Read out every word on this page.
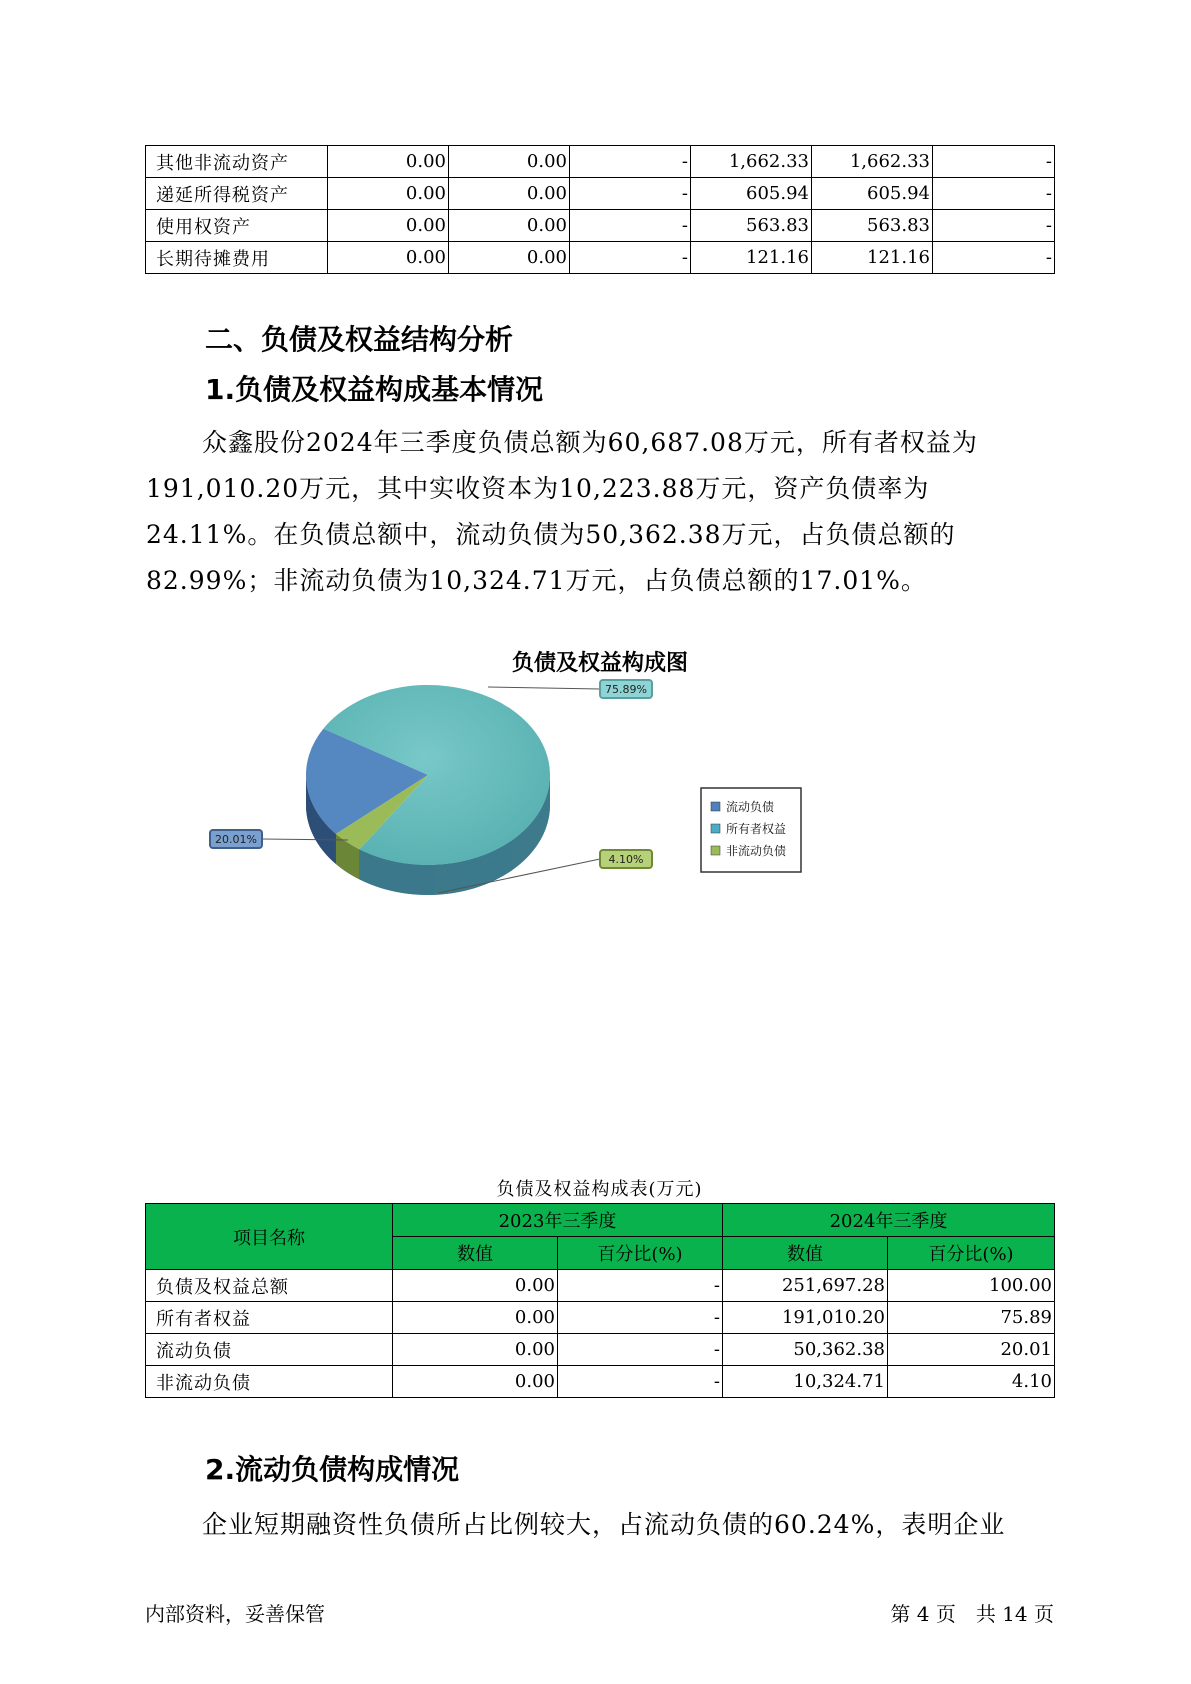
其他非流动资产	0.00	0.00	-	1,662.33	1,662.33	-
递延所得税资产	0.00	0.00	-	605.94	605.94	-
使用权资产	0.00	0.00	-	563.83	563.83	-
长期待摊费用	0.00	0.00	-	121.16	121.16	-
二、负债及权益结构分析
1.负债及权益构成基本情况
众鑫股份2024年三季度负债总额为60,687.08万元，所有者权益为191,010.20万元，其中实收资本为10,223.88万元，资产负债率为24.11%。在负债总额中，流动负债为50,362.38万元，占负债总额的82.99%；非流动负债为10,324.71万元，占负债总额的17.01%。
负债及权益构成图
75.89%
20.01%
4.10%
流动负债
所有者权益
非流动负债
负债及权益构成表(万元)
项目名称	2023年三季度		2024年三季度	
	数值	百分比(%)	数值	百分比(%)
负债及权益总额	0.00	-	251,697.28	100.00
所有者权益	0.00	-	191,010.20	75.89
流动负债	0.00	-	50,362.38	20.01
非流动负债	0.00	-	10,324.71	4.10
2.流动负债构成情况
企业短期融资性负债所占比例较大，占流动负债的60.24%，表明企业
内部资料，妥善保管	第 4 页　共 14 页
